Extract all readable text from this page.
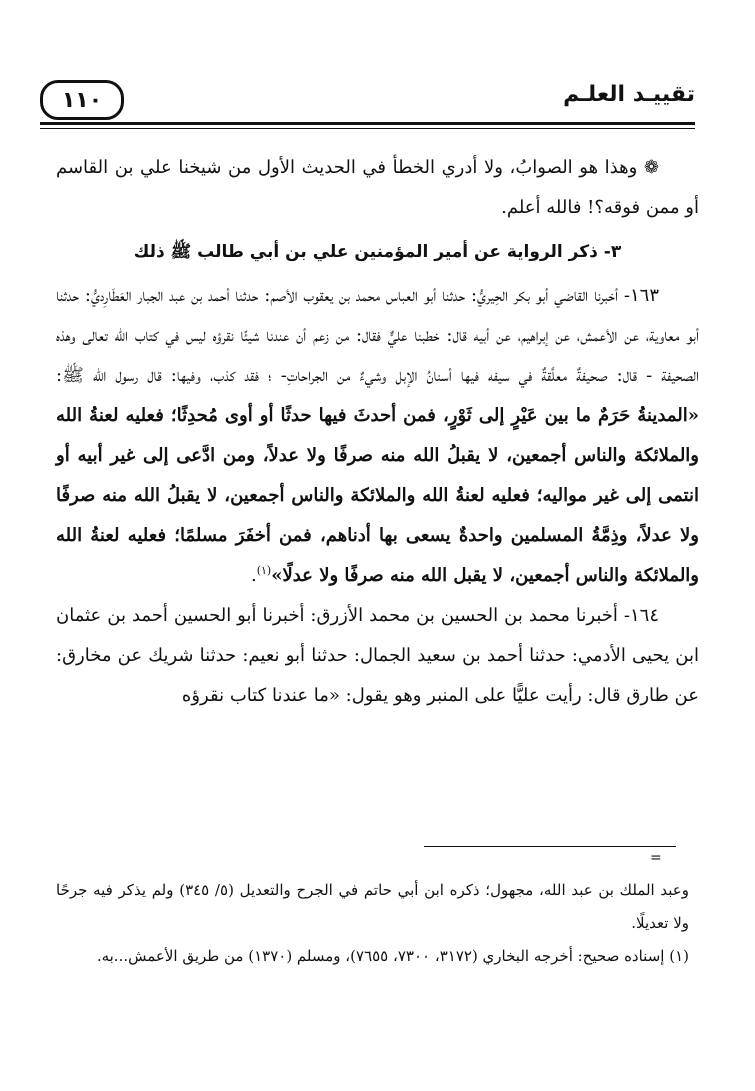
١١٠	تقييـد العلـم

❁ وهذا هو الصوابُ، ولا أدري الخطأ في الحديث الأول من شيخنا علي بن القاسم أو ممن فوقه؟! فالله أعلم.

٣- ذكر الرواية عن أمير المؤمنين علي بن أبي طالب ﷺ ذلك

١٦٣- أخبرنا القاضي أبو بكر الحِيريُّ: حدثنا أبو العباس محمد بن يعقوب الأصم: حدثنا أحمد بن عبد الجبار العَطَارِديُّ: حدثنا أبو معاوية، عن الأعمش، عن إبراهيم، عن أبيه قال: خطبنا عليٌّ فقال: من زعم أن عندنا شيئًا نقرؤه ليس في كتاب الله تعالى وهذه الصحيفة - قال: صحيفةٌ معلَّقةٌ في سيفه فيها أسنانُ الإبل وشيءٌ من الجراحاتِ- ؛ فقد كذب، وفيها: قال رسول الله ﷺ: «المدينةُ حَرَمٌ ما بين عَيْرٍ إلى ثَوْرٍ، فمن أحدثَ فيها حدثًا أو أوى مُحدِثًا؛ فعليه لعنةُ الله والملائكة والناس أجمعين، لا يقبلُ الله منه صرفًا ولا عدلاً، ومن ادَّعى إلى غير أبيه أو انتمى إلى غير مواليه؛ فعليه لعنةُ الله والملائكة والناس أجمعين، لا يقبلُ الله منه صرفًا ولا عدلاً، وذِمَّةُ المسلمين واحدةٌ يسعى بها أدناهم، فمن أخفَرَ مسلمًا؛ فعليه لعنةُ الله والملائكة والناس أجمعين، لا يقبل الله منه صرفًا ولا عدلًا»$^{(١)}$.

١٦٤- أخبرنا محمد بن الحسين بن محمد الأزرق: أخبرنا أبو الحسين أحمد بن عثمان ابن يحيى الأدمي: حدثنا أحمد بن سعيد الجمال: حدثنا أبو نعيم: حدثنا شريك عن مخارق: عن طارق قال: رأيت عليًّا على المنبر وهو يقول: «ما عندنا كتاب نقرؤه

=

وعبد الملك بن عبد الله، مجهول؛ ذكره ابن أبي حاتم في الجرح والتعديل (٥/ ٣٤٥) ولم يذكر فيه جرحًا ولا تعديلًا.

(١) إسناده صحيح: أخرجه البخاري (٣١٧٢، ٧٣٠٠، ٧٦٥٥)، ومسلم (١٣٧٠) من طريق الأعمش...به.
